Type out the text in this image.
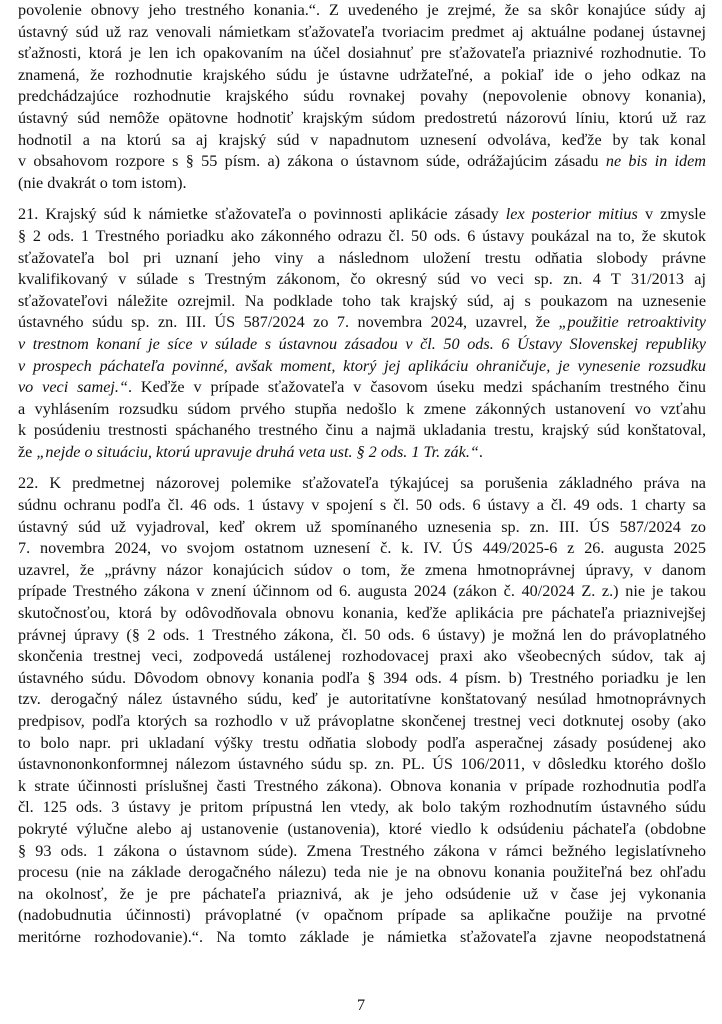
povolenie obnovy jeho trestného konania.“. Z uvedeného je zrejmé, že sa skôr konajúce súdy aj
ústavný súd už raz venovali námietkam sťažovateľa tvoriacim predmet aj aktuálne podanej ústavnej
sťažnosti, ktorá je len ich opakovaním na účel dosiahnuť pre sťažovateľa priaznivé rozhodnutie. To
znamená, že rozhodnutie krajského súdu je ústavne udržateľné, a pokiaľ ide o jeho odkaz na
predchádzajúce rozhodnutie krajského súdu rovnakej povahy (nepovolenie obnovy konania),
ústavný súd nemôže opätovne hodnotiť krajským súdom predostretú názorovú líniu, ktorú už raz
hodnotil a na ktorú sa aj krajský súd v napadnutom uznesení odvoláva, keďže by tak konal
v obsahovom rozpore s § 55 písm. a) zákona o ústavnom súde, odrážajúcim zásadu ne bis in idem
(nie dvakrát o tom istom).
21. Krajský súd k námietke sťažovateľa o povinnosti aplikácie zásady lex posterior mitius v zmysle
§ 2 ods. 1 Trestného poriadku ako zákonného odrazu čl. 50 ods. 6 ústavy poukázal na to, že skutok
sťažovateľa bol pri uznaní jeho viny a následnom uložení trestu odňatia slobody právne
kvalifikovaný v súlade s Trestným zákonom, čo okresný súd vo veci sp. zn. 4 T 31/2013 aj
sťažovateľovi náležite ozrejmil. Na podklade toho tak krajský súd, aj s poukazom na uznesenie
ústavného súdu sp. zn. III. ÚS 587/2024 zo 7. novembra 2024, uzavrel, že „použitie retroaktivity
v trestnom konaní je síce v súlade s ústavnou zásadou v čl. 50 ods. 6 Ústavy Slovenskej republiky
v prospech páchateľa povinné, avšak moment, ktorý jej aplikáciu ohraničuje, je vynesenie rozsudku
vo veci samej.“. Keďže v prípade sťažovateľa v časovom úseku medzi spáchaním trestného činu
a vyhlásením rozsudku súdom prvého stupňa nedošlo k zmene zákonných ustanovení vo vzťahu
k posúdeniu trestnosti spáchaného trestného činu a najmä ukladania trestu, krajský súd konštatoval,
že „nejde o situáciu, ktorú upravuje druhá veta ust. § 2 ods. 1 Tr. zák.“.
22. K predmetnej názorovej polemike sťažovateľa týkajúcej sa porušenia základného práva na
súdnu ochranu podľa čl. 46 ods. 1 ústavy v spojení s čl. 50 ods. 6 ústavy a čl. 49 ods. 1 charty sa
ústavný súd už vyjadroval, keď okrem už spomínaného uznesenia sp. zn. III. ÚS 587/2024 zo
7. novembra 2024, vo svojom ostatnom uznesení č. k. IV. ÚS 449/2025-6 z 26. augusta 2025
uzavrel, že „právny názor konajúcich súdov o tom, že zmena hmotnoprávnej úpravy, v danom
prípade Trestného zákona v znení účinnom od 6. augusta 2024 (zákon č. 40/2024 Z. z.) nie je takou
skutočnosťou, ktorá by odôvodňovala obnovu konania, keďže aplikácia pre páchateľa priaznivejšej
právnej úpravy (§ 2 ods. 1 Trestného zákona, čl. 50 ods. 6 ústavy) je možná len do právoplatného
skončenia trestnej veci, zodpovedá ustálenej rozhodovacej praxi ako všeobecných súdov, tak aj
ústavného súdu. Dôvodom obnovy konania podľa § 394 ods. 4 písm. b) Trestného poriadku je len
tzv. derogačný nález ústavného súdu, keď je autoritatívne konštatovaný nesúlad hmotnoprávnych
predpisov, podľa ktorých sa rozhodlo v už právoplatne skončenej trestnej veci dotknutej osoby (ako
to bolo napr. pri ukladaní výšky trestu odňatia slobody podľa asperačnej zásady posúdenej ako
ústavnononkonformnej nálezom ústavného súdu sp. zn. PL. ÚS 106/2011, v dôsledku ktorého došlo
k strate účinnosti príslušnej časti Trestného zákona). Obnova konania v prípade rozhodnutia podľa
čl. 125 ods. 3 ústavy je pritom prípustná len vtedy, ak bolo takým rozhodnutím ústavného súdu
pokryté výlučne alebo aj ustanovenie (ustanovenia), ktoré viedlo k odsúdeniu páchateľa (obdobne
§ 93 ods. 1 zákona o ústavnom súde). Zmena Trestného zákona v rámci bežného legislatívneho
procesu (nie na základe derogačného nálezu) teda nie je na obnovu konania použiteľná bez ohľadu
na okolnosť, že je pre páchateľa priaznivá, ak je jeho odsúdenie už v čase jej vykonania
(nadobudnutia účinnosti) právoplatné (v opačnom prípade sa aplikačne použije na prvotné
meritórne rozhodovanie).“. Na tomto základe je námietka sťažovateľa zjavne neopodstatnená
7
